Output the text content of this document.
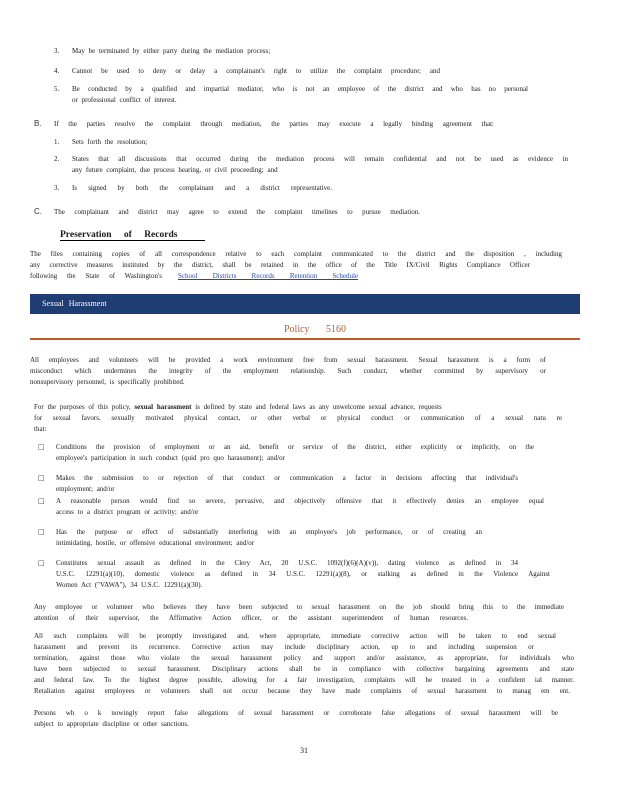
3. May be terminated by either party during the mediation process;
4. Cannot be used to deny or delay a complainant's right to utilize the complaint procedure; and
5. Be conducted by a qualified and impartial mediator, who is not an employee of the district and who has no personal
or professional conflict of interest.
B. If the parties resolve the complaint through mediation, the parties may execute a legally binding agreement that:
1. Sets forth the resolution;
2. States that all discussions that occurred during the mediation process will remain confidential and not be used as evidence in
any future complaint, due process hearing, or civil proceeding; and
3. Is signed by both the complainant and a district representative.
C. The complainant and district may agree to extend the complaint timelines to pursue mediation.
Preservation of Records
The files containing copies of all correspondence relative to each complaint communicated to the district and the disposition , including
any corrective measures instituted by the district, shall be retained in the office of the Title IX/Civil Rights Compliance Officer
following the State of Washington's School Districts Records Retention Schedule
Sexual Harassment
Policy 5160
All employees and volunteers will be provided a work environment free from sexual harassment. Sexual harassment is a form of
misconduct which undermines the integrity of the employment relationship. Such conduct, whether committed by supervisory or
nonsupervisory personnel, is specifically prohibited.
For the purposes of this policy, sexual harassment is defined by state and federal laws as any unwelcome sexual advance, requests
for sexual favors, sexually motivated physical contact, or other verbal or physical conduct or communication of a sexual natu re
that:
□ Conditions the provision of employment or an aid, benefit or service of the district, either explicitly or implicitly, on the
employee's participation in such conduct (quid pro quo harassment); and/or
□ Makes the submission to or rejection of that conduct or communication a factor in decisions affecting that individual's
employment; and/or
□ A reasonable person would find so severe, pervasive, and objectively offensive that it effectively denies an employee equal
access to a district program or activity; and/or
□ Has the purpose or effect of substantially interfering with an employee's job performance, or of creating an
intimidating, hostile, or offensive educational environment; and/or
□ Constitutes sexual assault as defined in the Clery Act, 20 U.S.C. 1092(f)(6)(A)(v)), dating violence as defined in 34
U.S.C. 12291(a)(10), domestic violence as defined in 34 U.S.C. 12291(a)(8), or stalking as defined in the Violence Against
Women Act ("VAWA"), 34 U.S.C. 12291(a)(30).
Any employee or volunteer who believes they have been subjected to sexual harassment on the job should bring this to the immediate
attention of their supervisor, the Affirmative Action officer, or the assistant superintendent of human resources.
All such complaints will be promptly investigated and, where appropriate, immediate corrective action will be taken to end sexual
harassment and prevent its recurrence. Corrective action may include disciplinary action, up to and including suspension or
termination, against those who violate the sexual harassment policy and support and/or assistance, as appropriate, for individuals who
have been subjected to sexual harassment. Disciplinary actions shall be in compliance with collective bargaining agreements and state
and federal law. To the highest degree possible, allowing for a fair investigation, complaints will be treated in a confident ial manner.
Retaliation against employees or volunteers shall not occur because they have made complaints of sexual harassment to manag em ent.
Persons wh o k nowingly report false allegations of sexual harassment or corroborate false allegations of sexual harassment will be
subject to appropriate discipline or other sanctions.
31
